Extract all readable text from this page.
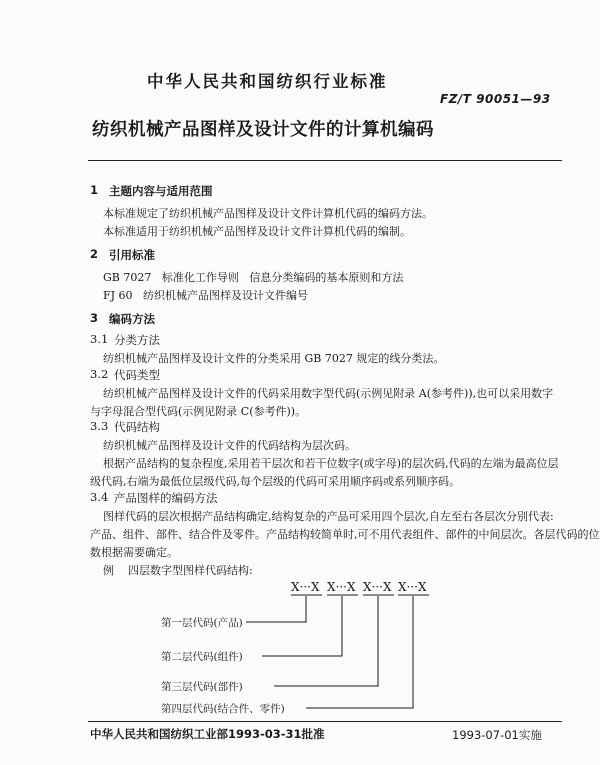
中华人民共和国纺织行业标准
FZ/T 90051—93
纺织机械产品图样及设计文件的计算机编码
1 主题内容与适用范围
本标准规定了纺织机械产品图样及设计文件计算机代码的编码方法。
本标准适用于纺织机械产品图样及设计文件计算机代码的编制。
2 引用标准
GB 7027   标准化工作导则   信息分类编码的基本原则和方法
FJ 60   纺织机械产品图样及设计文件编号
3 编码方法
3.1 分类方法
纺织机械产品图样及设计文件的分类采用 GB 7027 规定的线分类法。
3.2 代码类型
纺织机械产品图样及设计文件的代码采用数字型代码(示例见附录 A(参考件)),也可以采用数字
与字母混合型代码(示例见附录 C(参考件))。
3.3 代码结构
纺织机械产品图样及设计文件的代码结构为层次码。
根据产品结构的复杂程度,采用若干层次和若干位数字(或字母)的层次码,代码的左端为最高位层
级代码,右端为最低位层级代码,每个层级的代码可采用顺序码或系列顺序码。
3.4 产品图样的编码方法
图样代码的层次根据产品结构确定,结构复杂的产品可采用四个层次,自左至右各层次分别代表:
产品、组件、部件、结合件及零件。产品结构较简单时,可不用代表组件、部件的中间层次。各层代码的位
数根据需要确定。
例    四层数字型图样代码结构:
X···X X···X X···X X···X
第一层代码(产品)
第二层代码(组件)
第三层代码(部件)
第四层代码(结合件、零件)
中华人民共和国纺织工业部1993-03-31批准	1993-07-01实施
